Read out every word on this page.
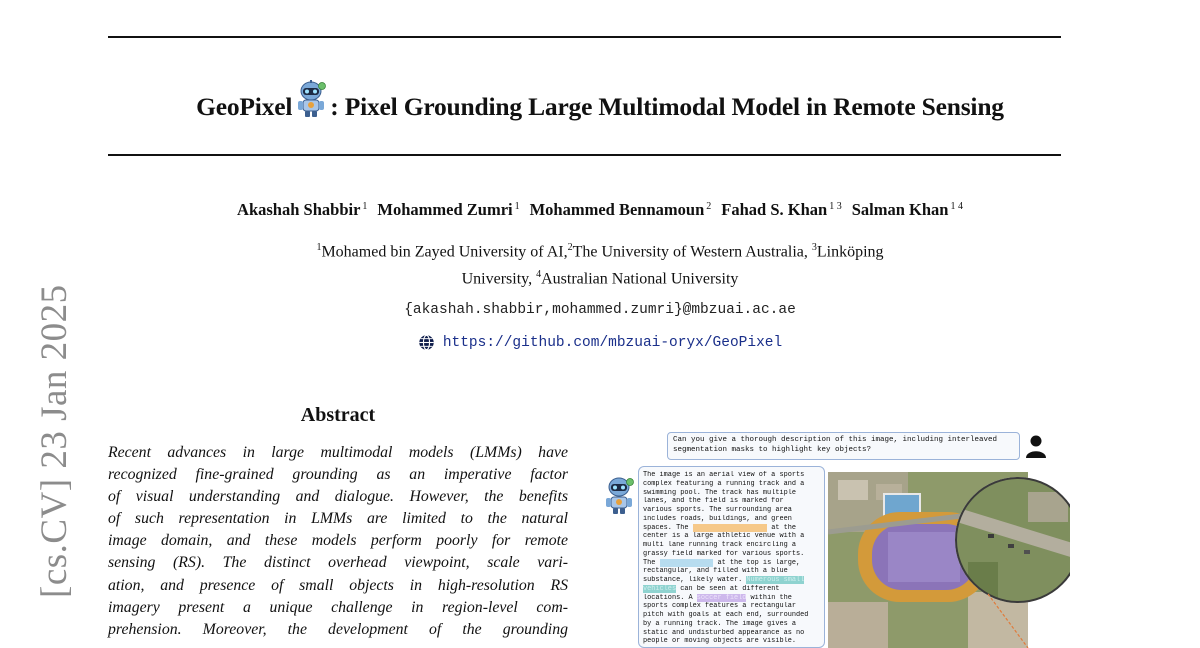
GeoPixel : Pixel Grounding Large Multimodal Model in Remote Sensing
Akashah Shabbir $^1$ Mohammed Zumri $^1$ Mohammed Bennamoun $^2$ Fahad S. Khan $^{1 3}$ Salman Khan $^{1 4}$
$^1$Mohamed bin Zayed University of AI,$^2$The University of Western Australia, $^3$Linköping
University, $^4$Australian National University
{akashah.shabbir,mohammed.zumri}@mbzuai.ac.ae
https://github.com/mbzuai-oryx/GeoPixel
[cs.CV] 23 Jan 2025	Abstract
Recent advances in large multimodal models (LMMs) have
recognized fine-grained grounding as an imperative factor
of visual understanding and dialogue. However, the benefits
of such representation in LMMs are limited to the natural
image domain, and these models perform poorly for remote
sensing (RS). The distinct overhead viewpoint, scale vari-
ation, and presence of small objects in high-resolution RS
imagery present a unique challenge in region-level com-
prehension. Moreover, the development of the grounding
Can you give a thorough description of this image, including interleaved
segmentation masks to highlight key objects?
The image is an aerial view of a sports
complex featuring a running track and a
swimming pool. The track has multiple
lanes, and the field is marked for
various sports. The surrounding area
includes roads, buildings, and green
spaces. The ground track field at the
center is a large athletic venue with a
multi lane running track encircling a
grassy field marked for various sports.
The swimming pool at the top is large,
rectangular, and filled with a blue
substance, likely water. Numerous small
vehicles can be seen at different
locations. A soccer field within the
sports complex features a rectangular
pitch with goals at each end, surrounded
by a running track. The image gives a
static and undisturbed appearance as no
people or moving objects are visible.
